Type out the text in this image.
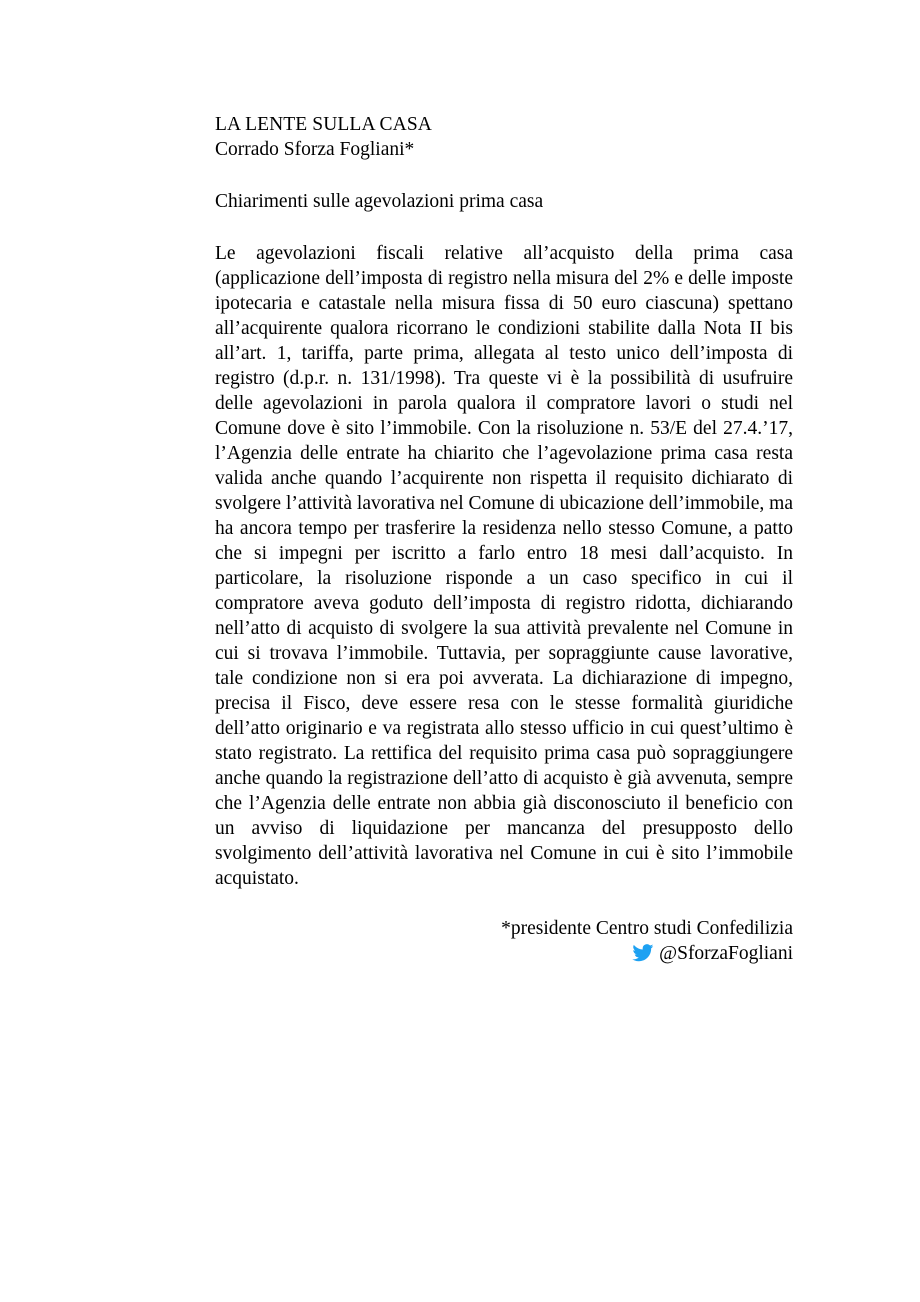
LA LENTE SULLA CASA
Corrado Sforza Fogliani*
Chiarimenti sulle agevolazioni prima casa

Le agevolazioni fiscali relative all’acquisto della prima casa (applicazione dell’imposta di registro nella misura del 2% e delle imposte ipotecaria e catastale nella misura fissa di 50 euro ciascuna) spettano all’acquirente qualora ricorrano le condizioni stabilite dalla Nota II bis all’art. 1, tariffa, parte prima, allegata al testo unico dell’imposta di registro (d.p.r. n. 131/1998). Tra queste vi è la possibilità di usufruire delle agevolazioni in parola qualora il compratore lavori o studi nel Comune dove è sito l’immobile. Con la risoluzione n. 53/E del 27.4.’17, l’Agenzia delle entrate ha chiarito che l’agevolazione prima casa resta valida anche quando l’acquirente non rispetta il requisito dichiarato di svolgere l’attività lavorativa nel Comune di ubicazione dell’immobile, ma ha ancora tempo per trasferire la residenza nello stesso Comune, a patto che si impegni per iscritto a farlo entro 18 mesi dall’acquisto. In particolare, la risoluzione risponde a un caso specifico in cui il compratore aveva goduto dell’imposta di registro ridotta, dichiarando nell’atto di acquisto di svolgere la sua attività prevalente nel Comune in cui si trovava l’immobile. Tuttavia, per sopraggiunte cause lavorative, tale condizione non si era poi avverata. La dichiarazione di impegno, precisa il Fisco, deve essere resa con le stesse formalità giuridiche dell’atto originario e va registrata allo stesso ufficio in cui quest’ultimo è stato registrato. La rettifica del requisito prima casa può sopraggiungere anche quando la registrazione dell’atto di acquisto è già avvenuta, sempre che l’Agenzia delle entrate non abbia già disconosciuto il beneficio con un avviso di liquidazione per mancanza del presupposto dello svolgimento dell’attività lavorativa nel Comune in cui è sito l’immobile acquistato.

*presidente Centro studi Confedilizia
@SforzaFogliani
